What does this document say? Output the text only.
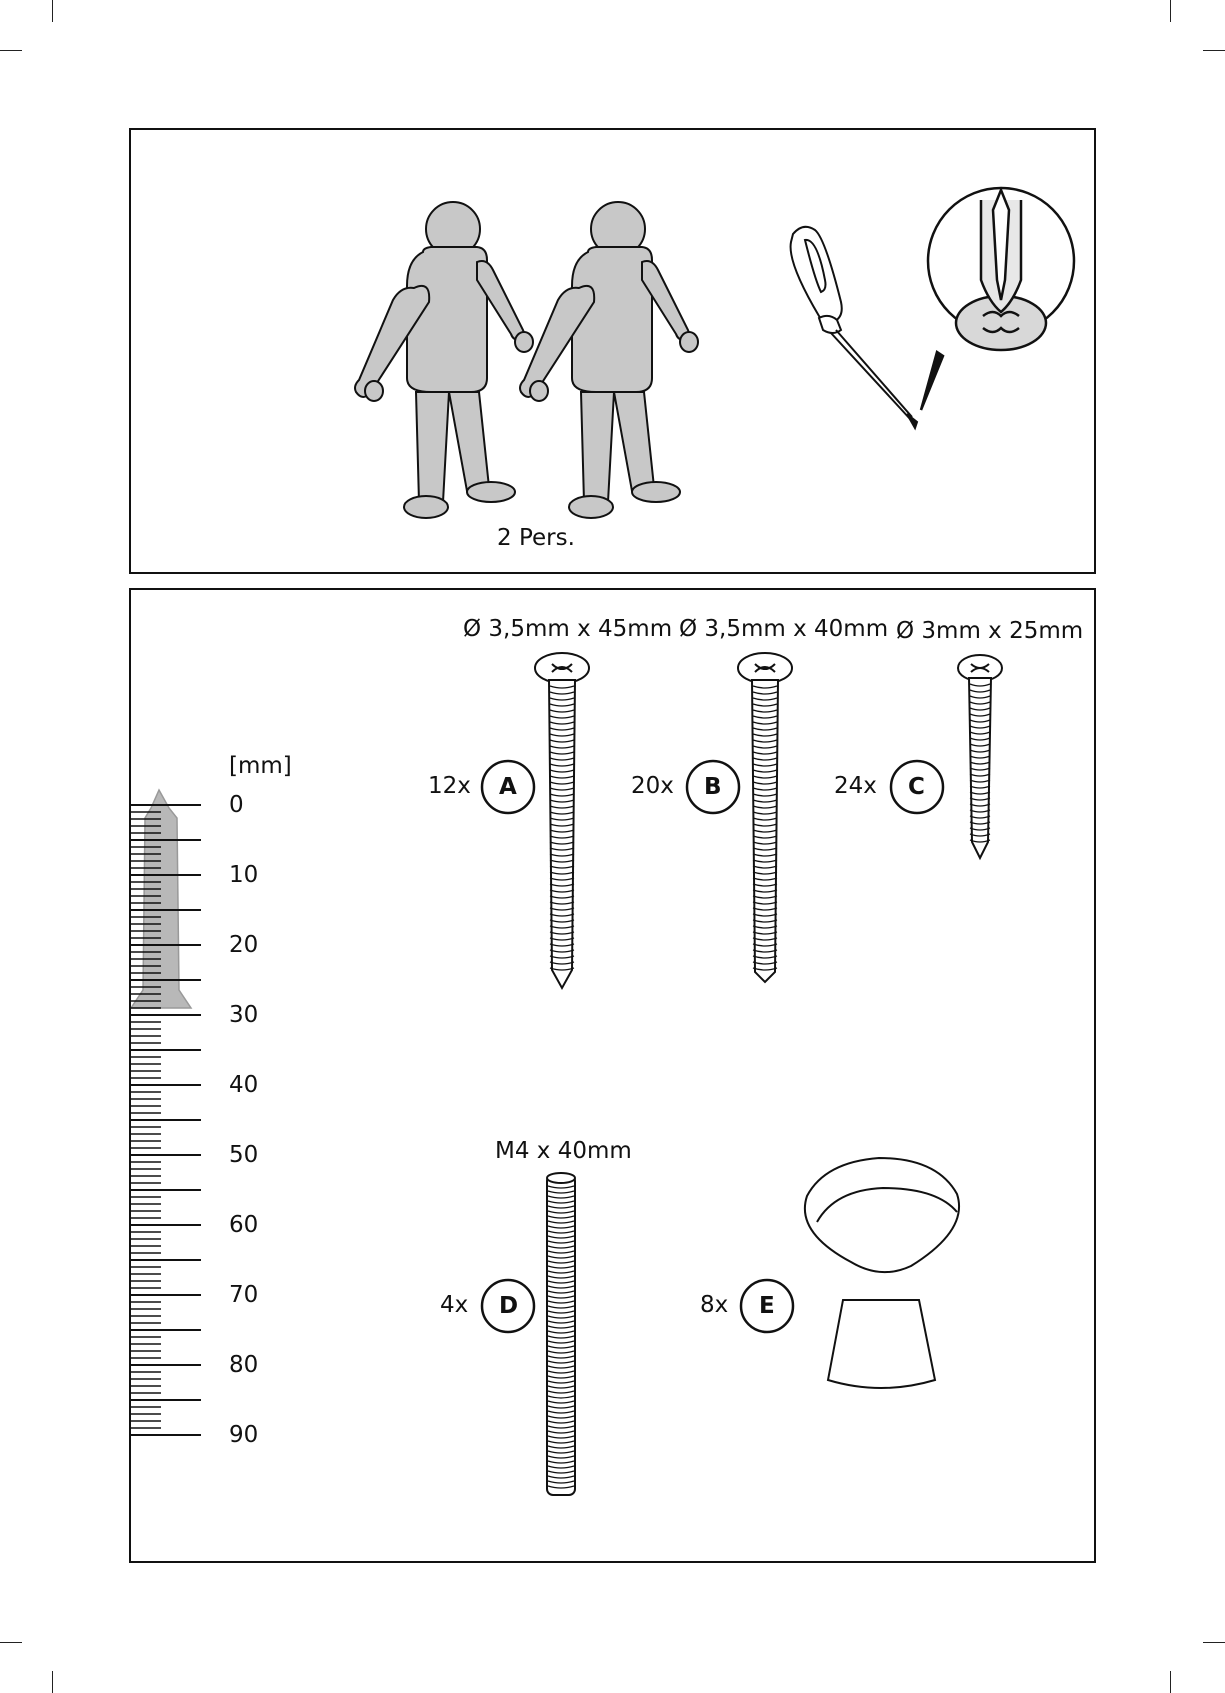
2 Pers.
[mm]
0
10
20
30
40
50
60
70
80
90
Ø 3,5mm x 45mm Ø 3,5mm x 40mm Ø 3mm x 25mm
M4 x 40mm
12x	20x	24x
4x	8x
A	B	C
D	E
